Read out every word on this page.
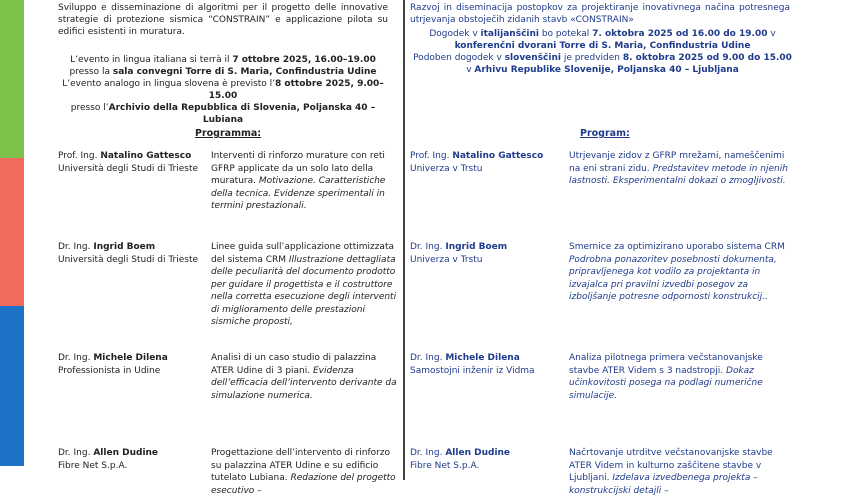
Sviluppo e disseminazione di algoritmi per il progetto delle innovative strategie di protezione sismica “CONSTRAIN” e applicazione pilota su edifici esistenti in muratura.
L’evento in lingua italiana si terrà il 7 ottobre 2025, 16.00–19.00
presso la sala convegni Torre di S. Maria, Confindustria Udine
L’evento analogo in lingua slovena è previsto l’8 ottobre 2025, 9.00–15.00
presso l’Archivio della Repubblica di Slovenia, Poljanska 40 – Lubiana
Programma:
Prof. Ing. Natalino Gattesco
Università degli Studi di Trieste
Interventi di rinforzo murature con reti GFRP applicate da un solo lato della muratura. Motivazione. Caratteristiche della tecnica. Evidenze sperimentali in termini prestazionali.
Dr. Ing. Ingrid Boem
Università degli Studi di Trieste
Linee guida sull’applicazione ottimizzata del sistema CRM Illustrazione dettagliata delle peculiarità del documento prodotto per guidare il progettista e il costruttore nella corretta esecuzione degli interventi di miglioramento delle prestazioni sismiche proposti,
Dr. Ing. Michele Dilena
Professionista in Udine
Analisi di un caso studio di palazzina ATER Udine di 3 piani. Evidenza dell’efficacia dell’intervento derivante da simulazione numerica.
Dr. Ing. Allen Dudine
Fibre Net S.p.A.
Progettazione dell’intervento di rinforzo su palazzina ATER Udine e su edificio tutelato Lubiana. Redazione del progetto esecutivo –
Razvoj in diseminacija postopkov za projektiranje inovativnega načina potresnega utrjevanja obstoječih zidanih stavb «CONSTRAIN»
Dogodek v italijanščini bo potekal 7. oktobra 2025 od 16.00 do 19.00 v konferenčni dvorani Torre di S. Maria, Confindustria Udine
Podoben dogodek v slovenščini je predviden 8. oktobra 2025 od 9.00 do 15.00 v Arhivu Republike Slovenije, Poljanska 40 – Ljubljana
Program:
Prof. Ing. Natalino Gattesco
Univerza v Trstu
Utrjevanje zidov z GFRP mrežami, nameščenimi na eni strani zidu. Predstavitev metode in njenih lastnosti. Eksperimentalni dokazi o zmogljivosti.
Dr. Ing. Ingrid Boem
Univerza v Trstu
Smernice za optimizirano uporabo sistema CRM Podrobna ponazoritev posebnosti dokumenta, pripravljenega kot vodilo za projektanta in izvajalca pri pravilni izvedbi posegov za izboljšanje potresne odpornosti konstrukcij..
Dr. Ing. Michele Dilena
Samostojni inženir iz Vidma
Analiza pilotnega primera večstanovanjske stavbe ATER Videm s 3 nadstropji. Dokaz učinkovitosti posega na podlagi numerične simulacije.
Dr. Ing. Allen Dudine
Fibre Net S.p.A.
Načrtovanje utrditve večstanovanjske stavbe ATER Videm in kulturno zaščitene stavbe v Ljubljani. Izdelava izvedbenega projekta – konstrukcijski detajli –
